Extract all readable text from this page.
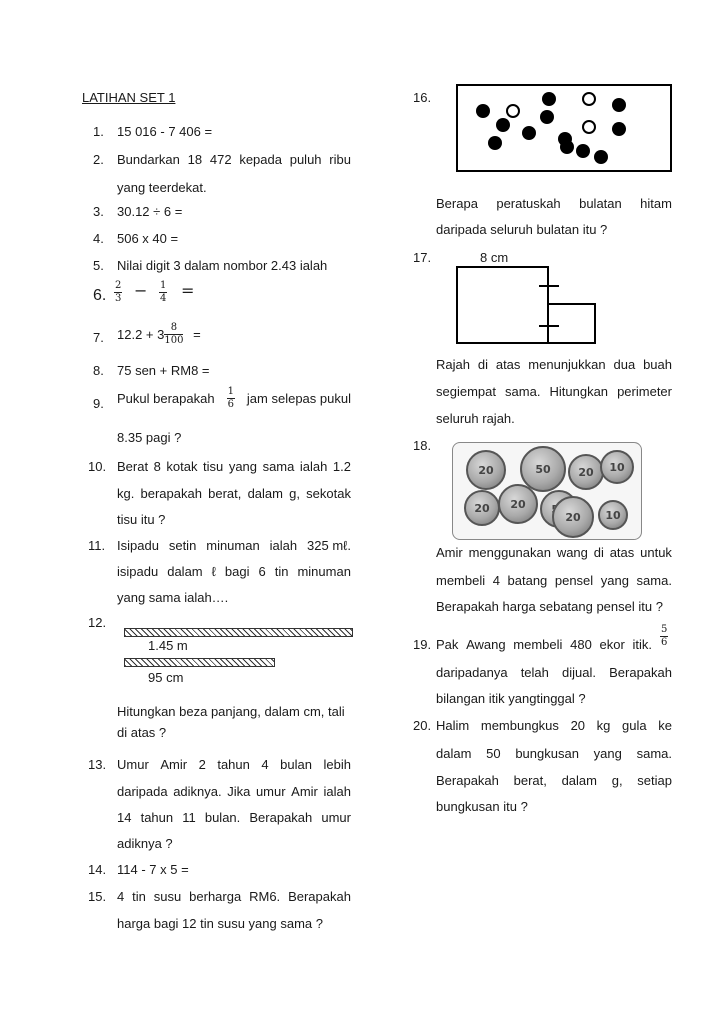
LATIHAN SET 1
1. 15 016 - 7 406 =
2. Bundarkan 18 472 kepada puluh ribu
yang teerdekat.
3. 30.12 ÷ 6 =
4. 506 x 40 =
5. Nilai digit 3 dalam nombor 2.43 ialah
6. $\frac{2}{3} - \frac{1}{4}$ =
7. $12.2 + 3 \frac{8}{100}$ =
8. 75 sen + RM8 =
9. Pukul berapakah $\frac{1}{6}$ jam selepas pukul
8.35 pagi ?
10. Berat 8 kotak tisu yang sama ialah 1.2
kg. berapakah berat, dalam g, sekotak
tisu itu ?
11. Isipadu setin minuman ialah 325 mℓ.
isipadu dalam ℓ bagi 6 tin minuman
yang sama ialah….
12.
1.45 m
95 cm
Hitungkan beza panjang, dalam cm, tali
di atas ?
13. Umur Amir 2 tahun 4 bulan lebih
daripada adiknya. Jika umur Amir ialah
14 tahun 11 bulan. Berapakah umur
adiknya ?
14. 114 - 7 x 5 =
15. 4 tin susu berharga RM6. Berapakah
harga bagi 12 tin susu yang sama ?
16.
Berapa peratuskah bulatan hitam
daripada seluruh bulatan itu ?
17.	8 cm
Rajah di atas menunjukkan dua buah
segiempat sama. Hitungkan perimeter
seluruh rajah.
18.
20	50	20	10
20	20
20	10
Amir menggunakan wang di atas untuk
membeli 4 batang pensel yang sama.
Berapakah harga sebatang pensel itu ?
19. Pak Awang membeli 480 ekor itik. $\frac{5}{6}$
daripadanya telah dijual. Berapakah
bilangan itik yangtinggal ?
20. Halim membungkus 20 kg gula ke
dalam 50 bungkusan yang sama.
Berapakah berat, dalam g, setiap
bungkusan itu ?
